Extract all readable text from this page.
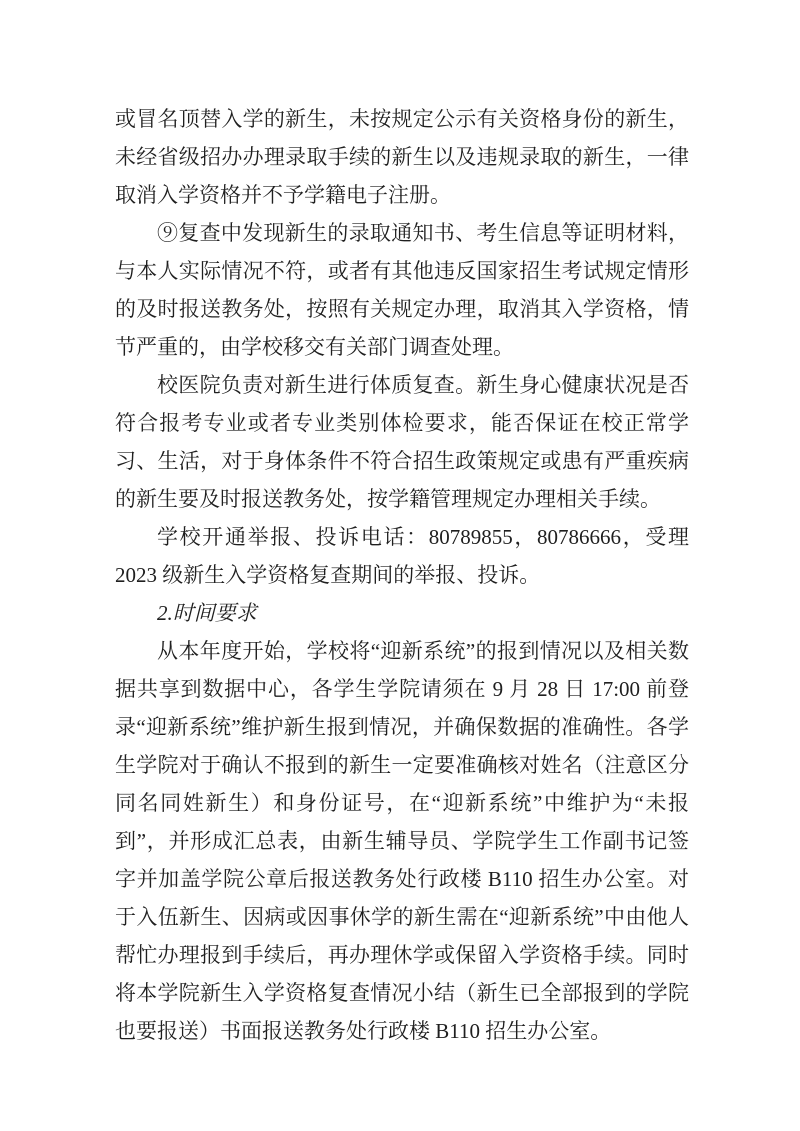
或冒名顶替入学的新生，未按规定公示有关资格身份的新生，未经省级招办办理录取手续的新生以及违规录取的新生，一律取消入学资格并不予学籍电子注册。

⑨复查中发现新生的录取通知书、考生信息等证明材料，与本人实际情况不符，或者有其他违反国家招生考试规定情形的及时报送教务处，按照有关规定办理，取消其入学资格，情节严重的，由学校移交有关部门调查处理。

校医院负责对新生进行体质复查。新生身心健康状况是否符合报考专业或者专业类别体检要求，能否保证在校正常学习、生活，对于身体条件不符合招生政策规定或患有严重疾病的新生要及时报送教务处，按学籍管理规定办理相关手续。

学校开通举报、投诉电话：80789855，80786666，受理 2023 级新生入学资格复查期间的举报、投诉。

2.时间要求

从本年度开始，学校将“迎新系统”的报到情况以及相关数据共享到数据中心，各学生学院请须在 9 月 28 日 17:00 前登录“迎新系统”维护新生报到情况，并确保数据的准确性。各学生学院对于确认不报到的新生一定要准确核对姓名（注意区分同名同姓新生）和身份证号，在“迎新系统”中维护为“未报到”，并形成汇总表，由新生辅导员、学院学生工作副书记签字并加盖学院公章后报送教务处行政楼 B110 招生办公室。对于入伍新生、因病或因事休学的新生需在“迎新系统”中由他人帮忙办理报到手续后，再办理休学或保留入学资格手续。同时将本学院新生入学资格复查情况小结（新生已全部报到的学院也要报送）书面报送教务处行政楼 B110 招生办公室。
